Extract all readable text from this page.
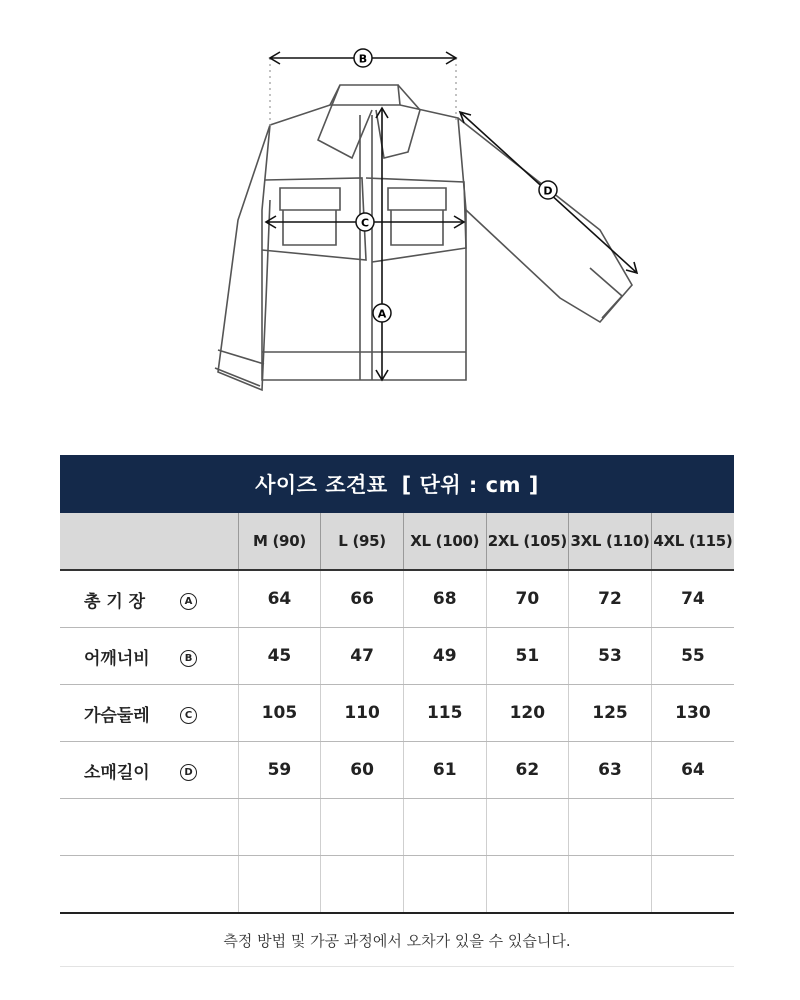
B
C
A
D
사이즈 조견표 [ 단위 : cm ]
	M (90)	L (95)	XL (100)	2XL (105)	3XL (110)	4XL (115)
총 기 장 A	64	66	68	70	72	74
어깨너비 B	45	47	49	51	53	55
가슴둘레 C	105	110	115	120	125	130
소매길이 D	59	60	61	62	63	64

측정 방법 및 가공 과정에서 오차가 있을 수 있습니다.
